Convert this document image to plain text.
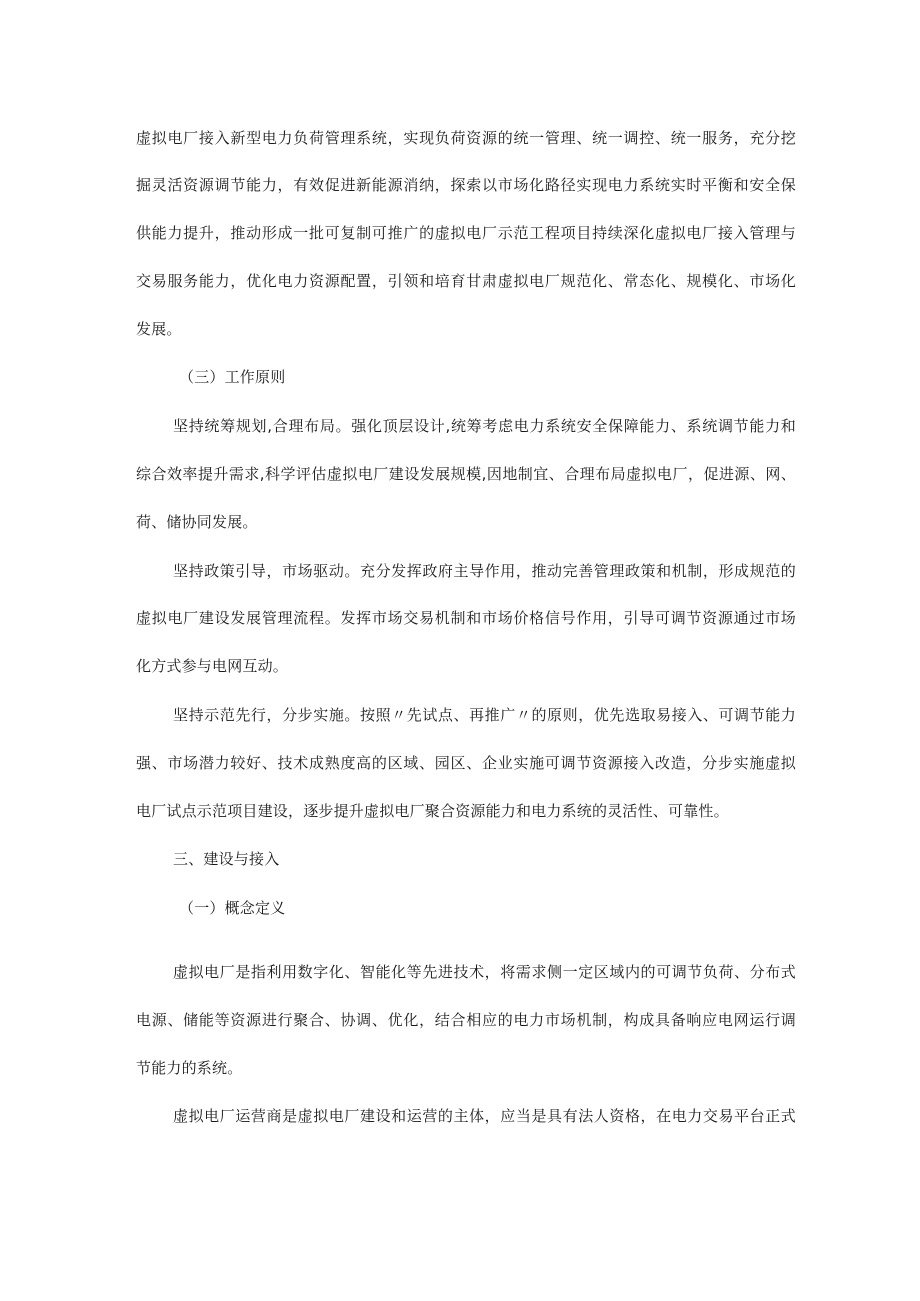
虚拟电厂接入新型电力负荷管理系统，实现负荷资源的统一管理、统一调控、统一服务，充分挖
掘灵活资源调节能力，有效促进新能源消纳，探索以市场化路径实现电力系统实时平衡和安全保
供能力提升，推动形成一批可复制可推广的虚拟电厂示范工程项目持续深化虚拟电厂接入管理与
交易服务能力，优化电力资源配置，引领和培育甘肃虚拟电厂规范化、常态化、规模化、市场化
发展。
（三）工作原则
坚持统筹规划,合理布局。强化顶层设计,统筹考虑电力系统安全保障能力、系统调节能力和
综合效率提升需求,科学评估虚拟电厂建设发展规模,因地制宜、合理布局虚拟电厂，促进源、网、
荷、储协同发展。
坚持政策引导，市场驱动。充分发挥政府主导作用，推动完善管理政策和机制，形成规范的
虚拟电厂建设发展管理流程。发挥市场交易机制和市场价格信号作用，引导可调节资源通过市场
化方式参与电网互动。
坚持示范先行，分步实施。按照〃先试点、再推广〃的原则，优先选取易接入、可调节能力
强、市场潜力较好、技术成熟度高的区域、园区、企业实施可调节资源接入改造，分步实施虚拟
电厂试点示范项目建设，逐步提升虚拟电厂聚合资源能力和电力系统的灵活性、可靠性。
三、建设与接入
（一）概念定义
虚拟电厂是指利用数字化、智能化等先进技术，将需求侧一定区域内的可调节负荷、分布式
电源、储能等资源进行聚合、协调、优化，结合相应的电力市场机制，构成具备响应电网运行调
节能力的系统。
虚拟电厂运营商是虚拟电厂建设和运营的主体，应当是具有法人资格，在电力交易平台正式
